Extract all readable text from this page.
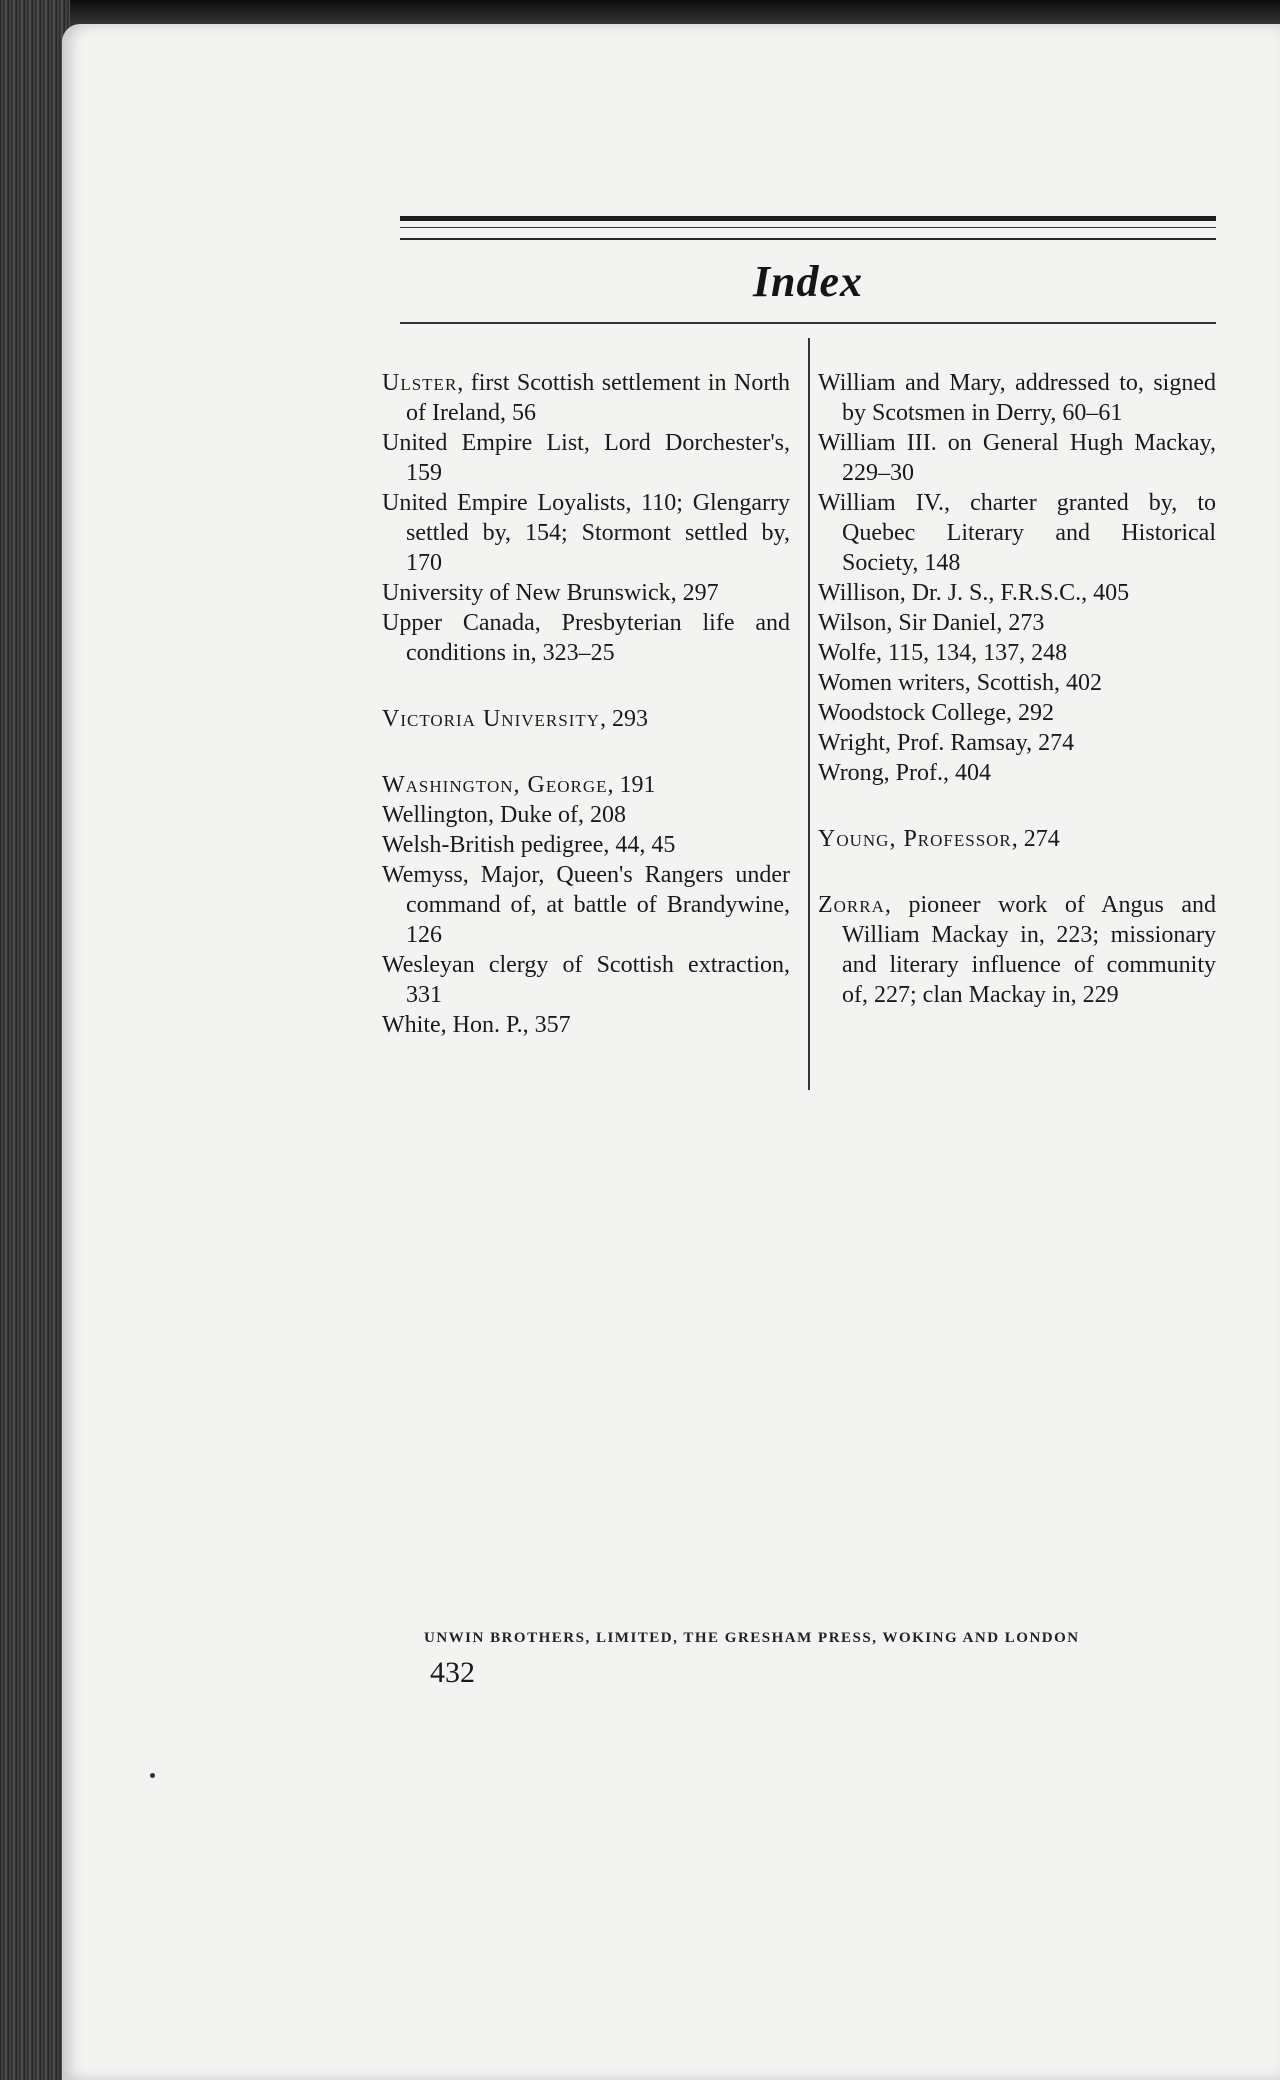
Index

Ulster, first Scottish settlement in North of Ireland, 56

United Empire List, Lord Dorchester's, 159

United Empire Loyalists, 110; Glengarry settled by, 154; Stormont settled by, 170

University of New Brunswick, 297

Upper Canada, Presbyterian life and conditions in, 323–25

Victoria University, 293

Washington, George, 191

Wellington, Duke of, 208

Welsh-British pedigree, 44, 45

Wemyss, Major, Queen's Rangers under command of, at battle of Brandywine, 126

Wesleyan clergy of Scottish extraction, 331

White, Hon. P., 357

William and Mary, addressed to, signed by Scotsmen in Derry, 60–61

William III. on General Hugh Mackay, 229–30

William IV., charter granted by, to Quebec Literary and Historical Society, 148

Willison, Dr. J. S., F.R.S.C., 405

Wilson, Sir Daniel, 273

Wolfe, 115, 134, 137, 248

Women writers, Scottish, 402

Woodstock College, 292

Wright, Prof. Ramsay, 274

Wrong, Prof., 404

Young, Professor, 274

Zorra, pioneer work of Angus and William Mackay in, 223; missionary and literary influence of community of, 227; clan Mackay in, 229

UNWIN BROTHERS, LIMITED, THE GRESHAM PRESS, WOKING AND LONDON
432
